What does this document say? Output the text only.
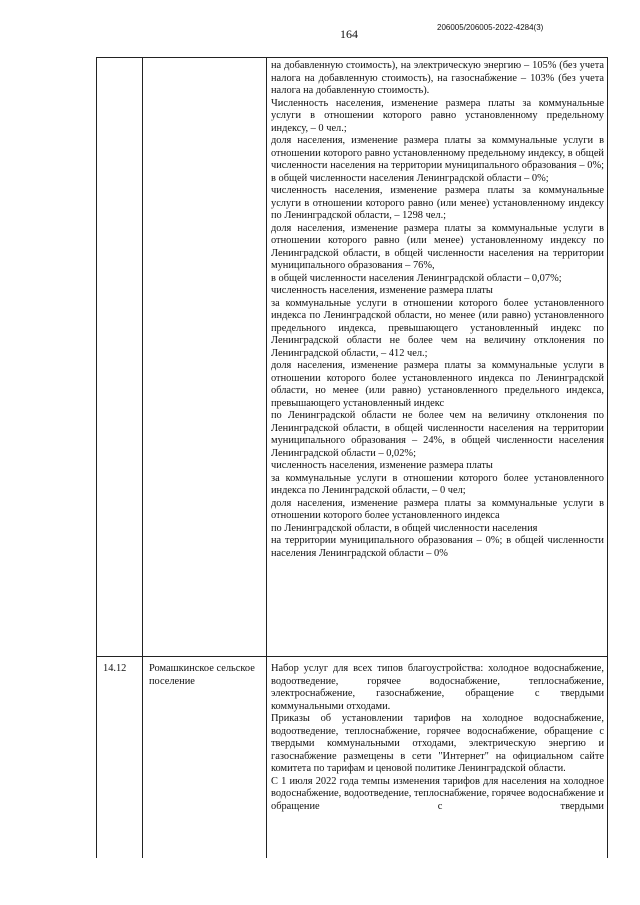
164	206005/206005-2022-4284(3)

на добавленную стоимость), на электрическую энергию – 105% (без учета налога на добавленную стоимость), на газоснабжение – 103% (без учета налога на добавленную стоимость).

Численность населения, изменение размера платы за коммунальные услуги в отношении которого равно установленному предельному индексу, – 0 чел.;

доля населения, изменение размера платы за коммунальные услуги в отношении которого равно установленному предельному индексу, в общей численности населения на территории муниципального образования – 0%; в общей численности населения Ленинградской области – 0%;

численность населения, изменение размера платы за коммунальные услуги в отношении которого равно (или менее) установленному индексу по Ленинградской области, – 1298 чел.;

доля населения, изменение размера платы за коммунальные услуги в отношении которого равно (или менее) установленному индексу по Ленинградской области, в общей численности населения на территории муниципального образования – 76%,

в общей численности населения Ленинградской области – 0,07%;

численность населения, изменение размера платы

за коммунальные услуги в отношении которого более установленного индекса по Ленинградской области, но менее (или равно) установленного предельного индекса, превышающего установленный индекс по Ленинградской области не более чем на величину отклонения по Ленинградской области, – 412 чел.;

доля населения, изменение размера платы за коммунальные услуги в отношении которого более установленного индекса по Ленинградской области, но менее (или равно) установленного предельного индекса, превышающего установленный индекс

по Ленинградской области не более чем на величину отклонения по Ленинградской области, в общей численности населения на территории муниципального образования – 24%, в общей численности населения Ленинградской области – 0,02%;

численность населения, изменение размера платы

за коммунальные услуги в отношении которого более установленного индекса по Ленинградской области, – 0 чел;

доля населения, изменение размера платы за коммунальные услуги в отношении которого более установленного индекса

по Ленинградской области, в общей численности населения

на территории муниципального образования – 0%; в общей численности населения Ленинградской области – 0%

14.12 Ромашкинское сельское поселение

Набор услуг для всех типов благоустройства: холодное водоснабжение, водоотведение, горячее водоснабжение, теплоснабжение, электроснабжение, газоснабжение, обращение с твердыми коммунальными отходами.

Приказы об установлении тарифов на холодное водоснабжение, водоотведение, теплоснабжение, горячее водоснабжение, обращение с твердыми коммунальными отходами, электрическую энергию и газоснабжение размещены в сети "Интернет" на официальном сайте комитета по тарифам и ценовой политике Ленинградской области.

С 1 июля 2022 года темпы изменения тарифов для населения на холодное водоснабжение, водоотведение, теплоснабжение, горячее водоснабжение и обращение с твердыми
